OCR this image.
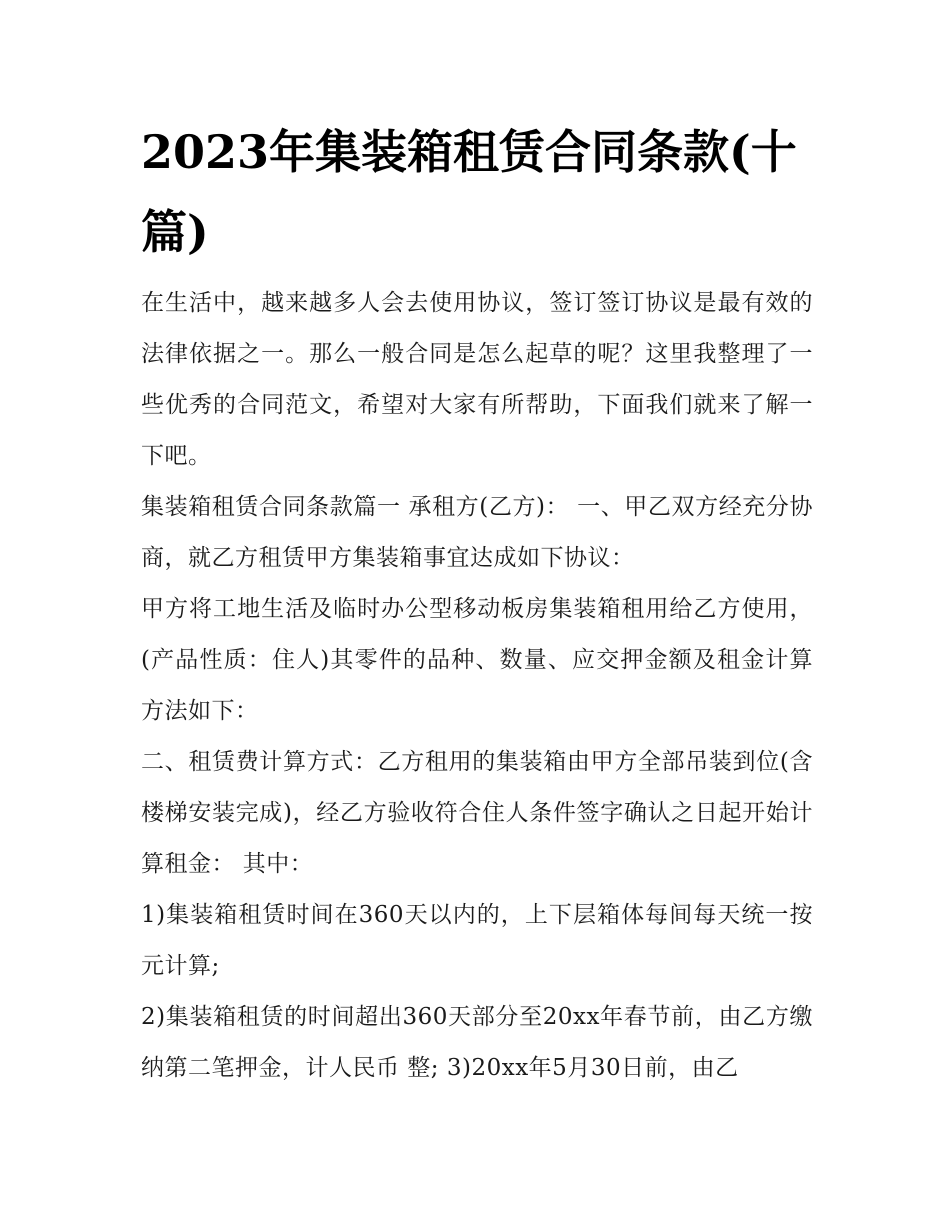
2023年集装箱租赁合同条款(十篇)

在生活中，越来越多人会去使用协议，签订签订协议是最有效的法律依据之一。那么一般合同是怎么起草的呢？这里我整理了一些优秀的合同范文，希望对大家有所帮助，下面我们就来了解一下吧。

集装箱租赁合同条款篇一 承租方(乙方)： 一、甲乙双方经充分协商，就乙方租赁甲方集装箱事宜达成如下协议：

甲方将工地生活及临时办公型移动板房集装箱租用给乙方使用，(产品性质：住人)其零件的品种、数量、应交押金额及租金计算方法如下：

二、租赁费计算方式：乙方租用的集装箱由甲方全部吊装到位(含楼梯安装完成)，经乙方验收符合住人条件签字确认之日起开始计算租金： 其中：

1)集装箱租赁时间在360天以内的，上下层箱体每间每天统一按 元计算;

2)集装箱租赁的时间超出360天部分至20xx年春节前，由乙方缴纳第二笔押金，计人民币 整; 3)20xx年5月30日前，由乙
